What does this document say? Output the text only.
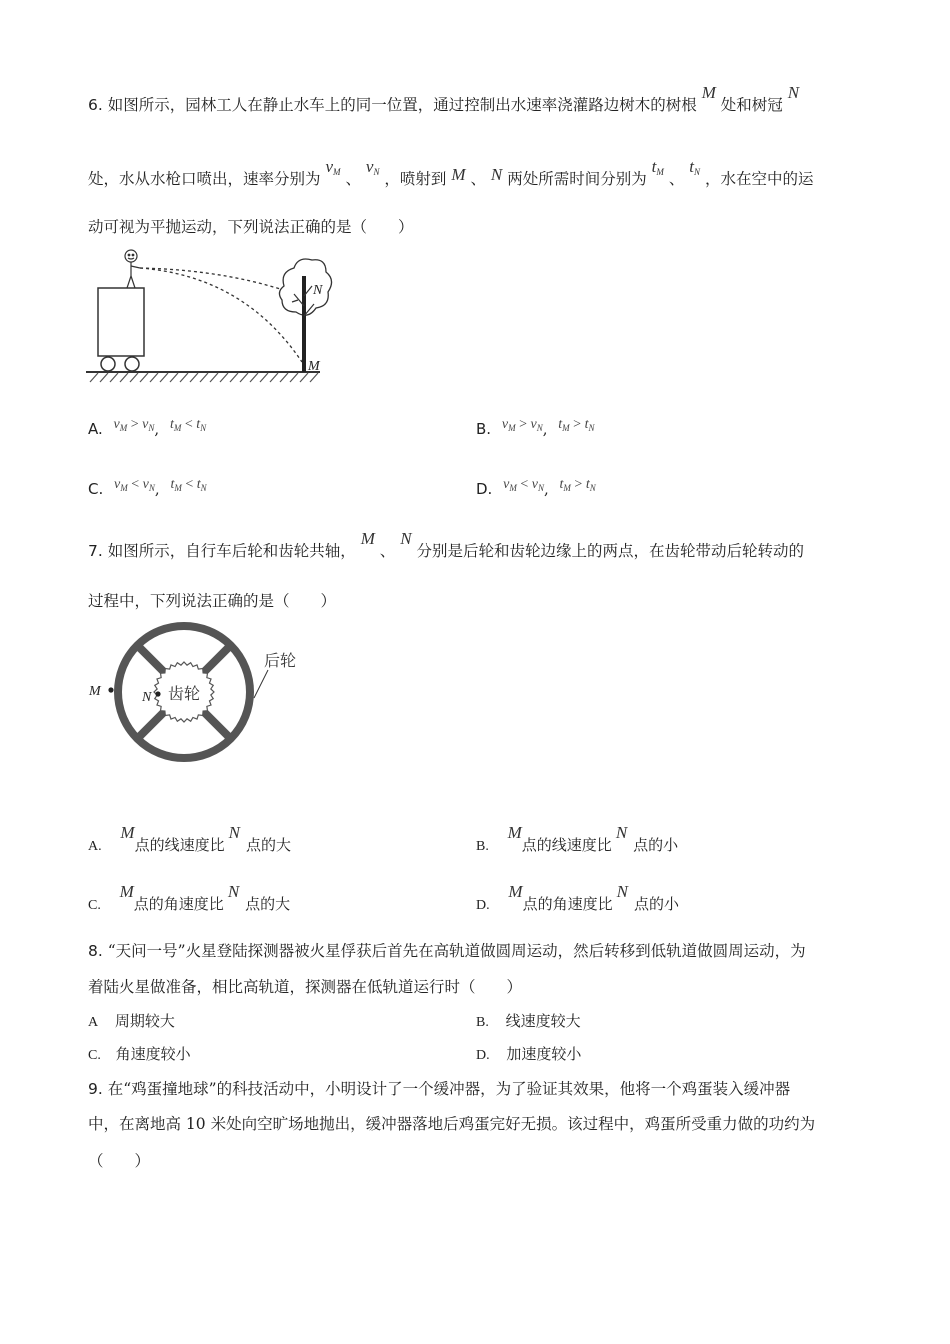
6. 如图所示，园林工人在静止水车上的同一位置，通过控制出水速率浇灌路边树木的树根 M 处和树冠 N
处，水从水枪口喷出，速率分别为 $v_M$ 、 $v_N$ ，喷射到 M 、 N 两处所需时间分别为 $t_M$ 、 $t_N$ ，水在空中的运
动可视为平抛运动，下列说法正确的是（　　）
N
M
A. $v_M > v_N$, $t_M < t_N$	B. $v_M > v_N$, $t_M > t_N$
C. $v_M < v_N$, $t_M < t_N$	D. $v_M < v_N$, $t_M > t_N$
7. 如图所示，自行车后轮和齿轮共轴， M 、 N 分别是后轮和齿轮边缘上的两点，在齿轮带动后轮转动的
过程中，下列说法正确的是（　　）
齿轮
M	N
后轮
A. M点的线速度比N点的大	B. M点的线速度比N点的小
C. M点的角速度比N点的大	D. M点的角速度比N点的小
8. “天问一号”火星登陆探测器被火星俘获后首先在高轨道做圆周运动，然后转移到低轨道做圆周运动，为
着陆火星做准备，相比高轨道，探测器在低轨道运行时（　　）
A 周期较大	B. 线速度较大
C. 角速度较小	D. 加速度较小
9. 在“鸡蛋撞地球”的科技活动中，小明设计了一个缓冲器，为了验证其效果，他将一个鸡蛋装入缓冲器
中，在离地高 10 米处向空旷场地抛出，缓冲器落地后鸡蛋完好无损。该过程中，鸡蛋所受重力做的功约为
（　　）
